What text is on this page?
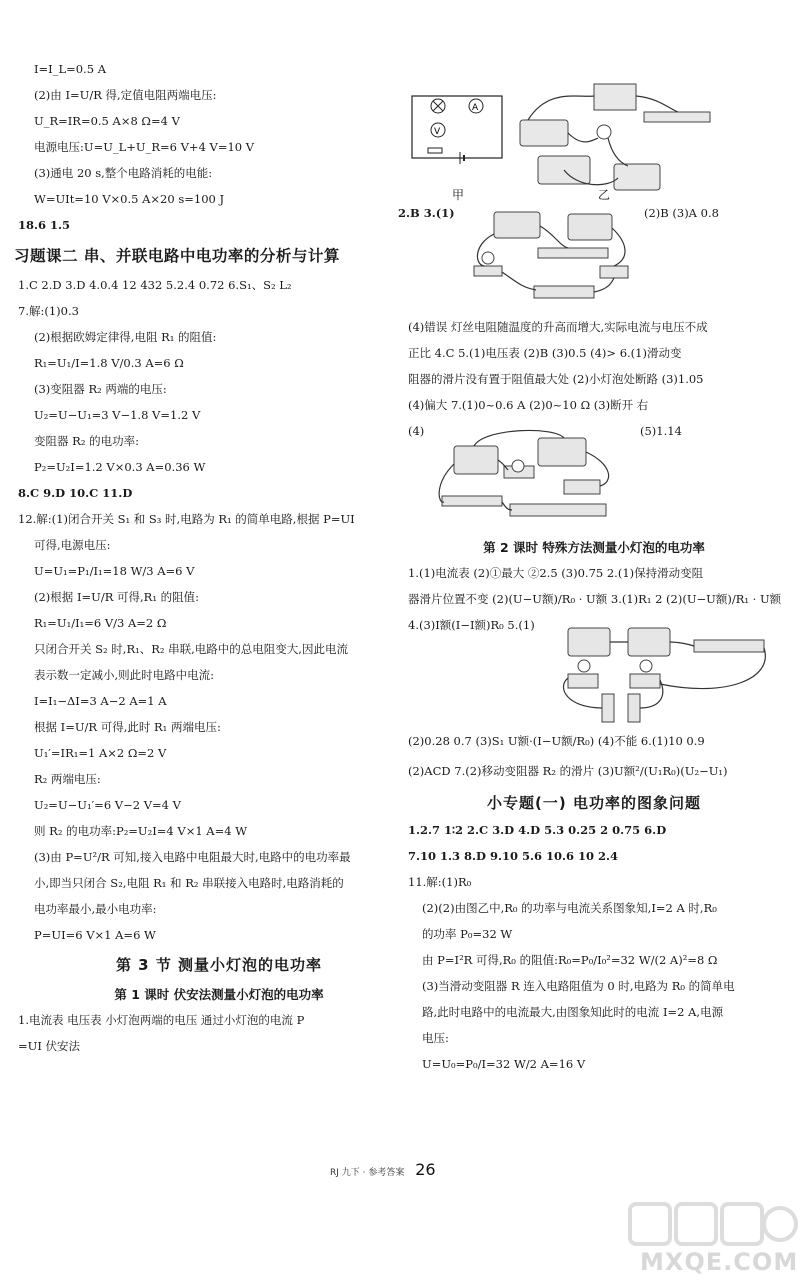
I=I_L=0.5 A

(2)由 I=U/R 得,定值电阻两端电压:

U_R=IR=0.5 A×8 Ω=4 V

电源电压:U=U_L+U_R=6 V+4 V=10 V

(3)通电 20 s,整个电路消耗的电能:

W=UIt=10 V×0.5 A×20 s=100 J

18.6 1.5

习题课二 串、并联电路中电功率的分析与计算

1.C 2.D 3.D 4.0.4 12 432 5.2.4 0.72 6.S₁、S₂ L₂

7.解:(1)0.3

(2)根据欧姆定律得,电阻 R₁ 的阻值:

R₁=U₁/I=1.8 V/0.3 A=6 Ω

(3)变阻器 R₂ 两端的电压:

U₂=U−U₁=3 V−1.8 V=1.2 V

变阻器 R₂ 的电功率:

P₂=U₂I=1.2 V×0.3 A=0.36 W

8.C 9.D 10.C 11.D

12.解:(1)闭合开关 S₁ 和 S₃ 时,电路为 R₁ 的简单电路,根据 P=UI

可得,电源电压:

U=U₁=P₁/I₁=18 W/3 A=6 V

(2)根据 I=U/R 可得,R₁ 的阻值:

R₁=U₁/I₁=6 V/3 A=2 Ω

只闭合开关 S₂ 时,R₁、R₂ 串联,电路中的总电阻变大,因此电流

表示数一定减小,则此时电路中电流:

I=I₁−ΔI=3 A−2 A=1 A

根据 I=U/R 可得,此时 R₁ 两端电压:

U₁′=IR₁=1 A×2 Ω=2 V

R₂ 两端电压:

U₂=U−U₁′=6 V−2 V=4 V

则 R₂ 的电功率:P₂=U₂I=4 V×1 A=4 W

(3)由 P=U²/R 可知,接入电路中电阻最大时,电路中的电功率最

小,即当只闭合 S₂,电阻 R₁ 和 R₂ 串联接入电路时,电路消耗的

电功率最小,最小电功率:

P=UI=6 V×1 A=6 W

第 3 节 测量小灯泡的电功率
第 1 课时 伏安法测量小灯泡的电功率

1.电流表 电压表 小灯泡两端的电压 通过小灯泡的电流 P

=UI 伏安法

A
V
甲	乙
2.B 3.(1)	(2)B (3)A 0.8

(4)错误 灯丝电阻随温度的升高而增大,实际电流与电压不成

正比 4.C 5.(1)电压表 (2)B (3)0.5 (4)> 6.(1)滑动变

阻器的滑片没有置于阻值最大处 (2)小灯泡处断路 (3)1.05

(4)偏大 7.(1)0~0.6 A (2)0~10 Ω (3)断开 右

(4)	(5)1.14
第 2 课时 特殊方法测量小灯泡的电功率

1.(1)电流表 (2)①最大 ②2.5 (3)0.75 2.(1)保持滑动变阻

器滑片位置不变 (2)(U−U额)/R₀ · U额 3.(1)R₁ 2 (2)(U−U额)/R₁ · U额

4.(3)I额(I−I额)R₀ 5.(1)

(2)0.28 0.7 (3)S₁ U额·(I−U额/R₀) (4)不能 6.(1)10 0.9

(2)ACD 7.(2)移动变阻器 R₂ 的滑片 (3)U额²/(U₁R₀)(U₂−U₁)

小专题(一) 电功率的图象问题

1.2.7 1∶2 2.C 3.D 4.D 5.3 0.25 2 0.75 6.D

7.10 1.3 8.D 9.10 5.6 10.6 10 2.4

11.解:(1)R₀

(2)(2)由图乙中,R₀ 的功率与电流关系图象知,I=2 A 时,R₀

的功率 P₀=32 W

由 P=I²R 可得,R₀ 的阻值:R₀=P₀/I₀²=32 W/(2 A)²=8 Ω

(3)当滑动变阻器 R 连入电路阻值为 0 时,电路为 R₀ 的简单电

路,此时电路中的电流最大,由图象知此时的电流 I=2 A,电源

电压:

U=U₀=P₀/I=32 W/2 A=16 V

RJ 九下 · 参考答案 26
MXQE.COM
